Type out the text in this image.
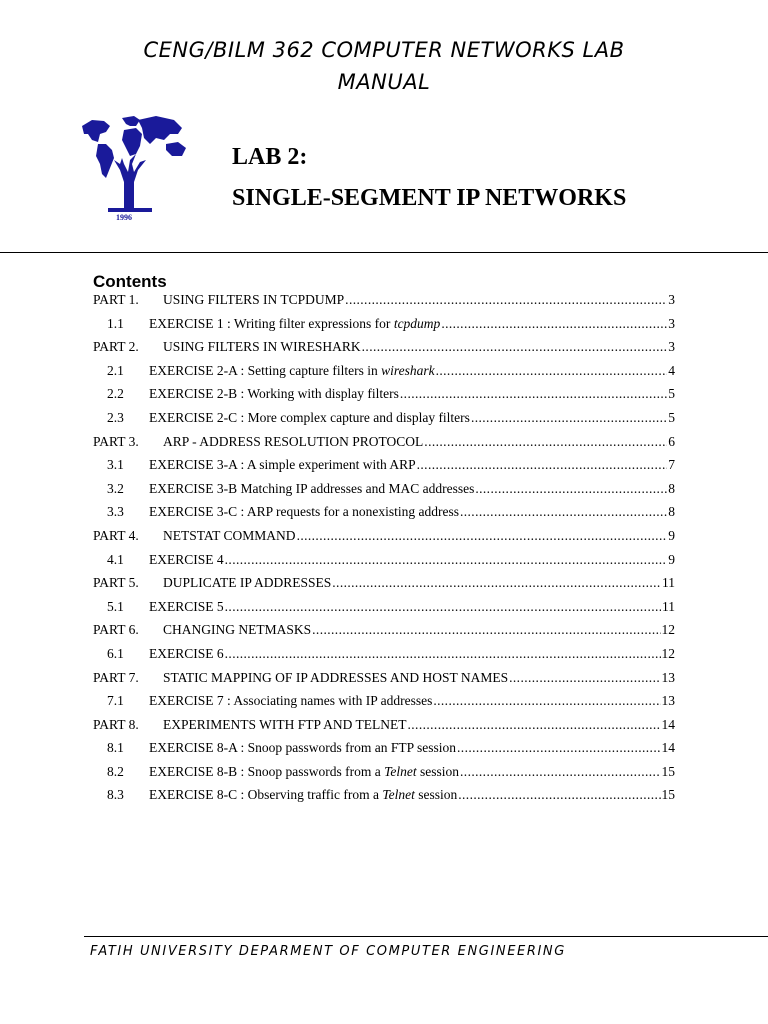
CENG/BILM 362 COMPUTER NETWORKS LAB
MANUAL
1996
LAB 2:
SINGLE-SEGMENT IP NETWORKS
Contents
PART 1.	USING FILTERS IN TCPDUMP .....	3
1.1	EXERCISE 1 : Writing filter expressions for tcpdump .....	3
PART 2.	USING FILTERS IN WIRESHARK .....	3
2.1	EXERCISE 2-A : Setting capture filters in wireshark .....	4
2.2	EXERCISE 2-B : Working with display filters .....	5
2.3	EXERCISE 2-C : More complex capture and display filters .....	5
PART 3.	ARP - ADDRESS RESOLUTION PROTOCOL .....	6
3.1	EXERCISE 3-A : A simple experiment with ARP .....	7
3.2	EXERCISE 3-B Matching IP addresses and MAC addresses .....	8
3.3	EXERCISE 3-C : ARP requests for a nonexisting address .....	8
PART 4.	NETSTAT COMMAND .....	9
4.1	EXERCISE 4 .....	9
PART 5.	DUPLICATE IP ADDRESSES .....	11
5.1	EXERCISE 5 .....	11
PART 6.	CHANGING NETMASKS .....	12
6.1	EXERCISE 6 .....	12
PART 7.	STATIC MAPPING OF IP ADDRESSES AND HOST NAMES .....	13
7.1	EXERCISE 7 : Associating names with IP addresses .....	13
PART 8.	EXPERIMENTS WITH FTP AND TELNET .....	14
8.1	EXERCISE 8-A : Snoop passwords from an FTP session .....	14
8.2	EXERCISE 8-B : Snoop passwords from a Telnet session .....	15
8.3	EXERCISE 8-C : Observing traffic from a Telnet session .....	15
FATIH UNIVERSITY DEPARMENT OF COMPUTER ENGINEERING
